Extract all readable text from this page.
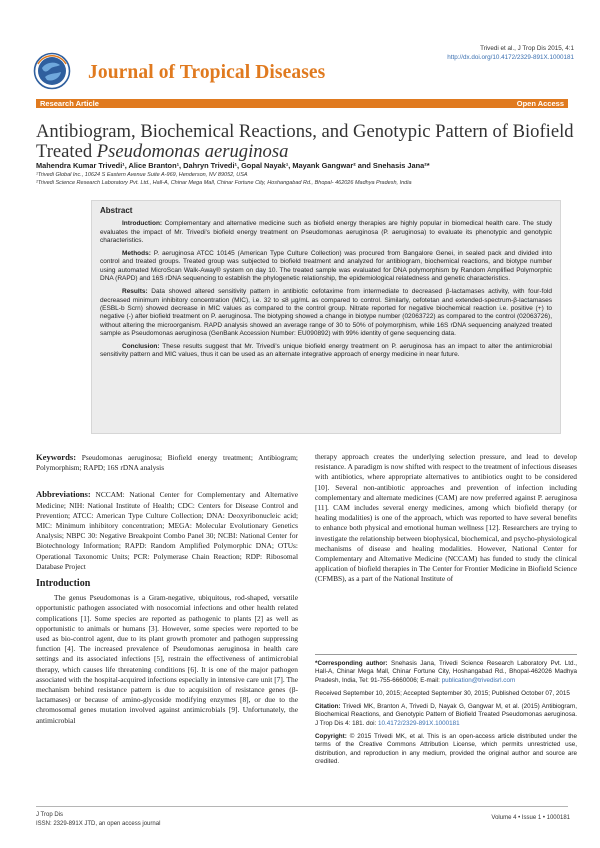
Trivedi et al., J Trop Dis 2015, 4:1
http://dx.doi.org/10.4172/2329-891X.1000181
Journal of Tropical Diseases
Research Article	Open Access
Antibiogram, Biochemical Reactions, and Genotypic Pattern of Biofield Treated Pseudomonas aeruginosa
Mahendra Kumar Trivedi¹, Alice Branton¹, Dahryn Trivedi¹, Gopal Nayak¹, Mayank Gangwar² and Snehasis Jana²*
¹Trivedi Global Inc., 10624 S Eastern Avenue Suite A-969, Henderson, NV 89052, USA
²Trivedi Science Research Laboratory Pvt. Ltd., Hall-A, Chinar Mega Mall, Chinar Fortune City, Hoshangabad Rd., Bhopal- 462026 Madhya Pradesh, India
Abstract

Introduction: Complementary and alternative medicine such as biofield energy therapies are highly popular in biomedical health care. The study evaluates the impact of Mr. Trivedi's biofield energy treatment on Pseudomonas aeruginosa (P. aeruginosa) to evaluate its phenotypic and genotypic characteristics.

Methods: P. aeruginosa ATCC 10145 (American Type Culture Collection) was procured from Bangalore Genei, in sealed pack and divided into control and treated groups. Treated group was subjected to biofield treatment and analyzed for antibiogram, biochemical reactions, and biotype number using automated MicroScan Walk-Away® system on day 10. The treated sample was evaluated for DNA polymorphism by Random Amplified Polymorphic DNA (RAPD) and 16S rDNA sequencing to establish the phylogenetic relationship, the epidemiological relatedness and genetic characteristics.

Results: Data showed altered sensitivity pattern in antibiotic cefotaxime from intermediate to decreased β-lactamases activity, with four-fold decreased minimum inhibitory concentration (MIC), i.e. 32 to ≤8 µg/mL as compared to control. Similarly, cefotetan and extended-spectrum-β-lactamases (ESBL-b Scrn) showed decrease in MIC values as compared to the control group. Nitrate reported for negative biochemical reaction i.e. positive (+) to negative (-) after biofield treatment on P. aeruginosa. The biotyping showed a change in biotype number (02063722) as compared to the control (02063726), without altering the microorganism. RAPD analysis showed an average range of 30 to 50% of polymorphism, while 16S rDNA sequencing analyzed treated sample as Pseudomonas aeruginosa (GenBank Accession Number: EU090892) with 99% identity of gene sequencing data.

Conclusion: These results suggest that Mr. Trivedi's unique biofield energy treatment on P. aeruginosa has an impact to alter the antimicrobial sensitivity pattern and MIC values, thus it can be used as an alternate integrative approach of energy medicine in near future.

Keywords: Pseudomonas aeruginosa; Biofield energy treatment; Antibiogram; Polymorphism; RAPD; 16S rDNA analysis

Abbreviations: NCCAM: National Center for Complementary and Alternative Medicine; NIH: National Institute of Health; CDC: Centers for Disease Control and Prevention; ATCC: American Type Culture Collection; DNA: Deoxyribonucleic acid; MIC: Minimum inhibitory concentration; MEGA: Molecular Evolutionary Genetics Analysis; NBPC 30: Negative Breakpoint Combo Panel 30; NCBI: National Center for Biotechnology Information; RAPD: Random Amplified Polymorphic DNA; OTUs: Operational Taxonomic Units; PCR: Polymerase Chain Reaction; RDP: Ribosomal Database Project

Introduction

The genus Pseudomonas is a Gram-negative, ubiquitous, rod-shaped, versatile opportunistic pathogen associated with nosocomial infections and other health related complications [1]. Some species are reported as pathogenic to plants [2] as well as opportunistic to animals or humans [3]. However, some species were reported to be used as bio-control agent, due to its plant growth promoter and pathogen suppressing function [4]. The increased prevalence of Pseudomonas aeruginosa in health care settings and its associated infections [5], restrain the effectiveness of antimicrobial therapy, which causes life threatening conditions [6]. It is one of the major pathogen associated with the hospital-acquired infections especially in intensive care unit [7]. The mechanism behind resistance pattern is due to acquisition of resistance genes (β-lactamases) or because of amino-glycoside modifying enzymes [8], or due to the chromosomal genes mutation involved against antimicrobials [9]. Unfortunately, the antimicrobial

therapy approach creates the underlying selection pressure, and lead to develop resistance. A paradigm is now shifted with respect to the treatment of infectious diseases with antibiotics, where appropriate alternatives to antibiotics ought to be considered [10]. Several non-antibiotic approaches and prevention of infection including complementary and alternate medicines (CAM) are now preferred against P. aeruginosa [11]. CAM includes several energy medicines, among which biofield therapy (or healing modalities) is one of the approach, which was reported to have several benefits to enhance both physical and emotional human wellness [12]. Researchers are trying to investigate the relationship between biophysical, biochemical, and psycho-physiological mechanisms of disease and healing modalities. However, National Center for Complementary and Alternative Medicine (NCCAM) has funded to study the clinical application of biofield therapies in The Center for Frontier Medicine in Biofield Science (CFMBS), as a part of the National Institute of

*Corresponding author: Snehasis Jana, Trivedi Science Research Laboratory Pvt. Ltd., Hall-A, Chinar Mega Mall, Chinar Fortune City, Hoshangabad Rd., Bhopal-462026 Madhya Pradesh, India, Tel: 91-755-6660006; E-mail: publication@trivedisrl.com

Received September 10, 2015; Accepted September 30, 2015; Published October 07, 2015

Citation: Trivedi MK, Branton A, Trivedi D, Nayak G, Gangwar M, et al. (2015) Antibiogram, Biochemical Reactions, and Genotypic Pattern of Biofield Treated Pseudomonas aeruginosa. J Trop Dis 4: 181. doi: 10.4172/2329-891X.1000181

Copyright: © 2015 Trivedi MK, et al. This is an open-access article distributed under the terms of the Creative Commons Attribution License, which permits unrestricted use, distribution, and reproduction in any medium, provided the original author and source are credited.

J Trop Dis
ISSN: 2329-891X JTD, an open access journal
Volume 4 • Issue 1 • 1000181
